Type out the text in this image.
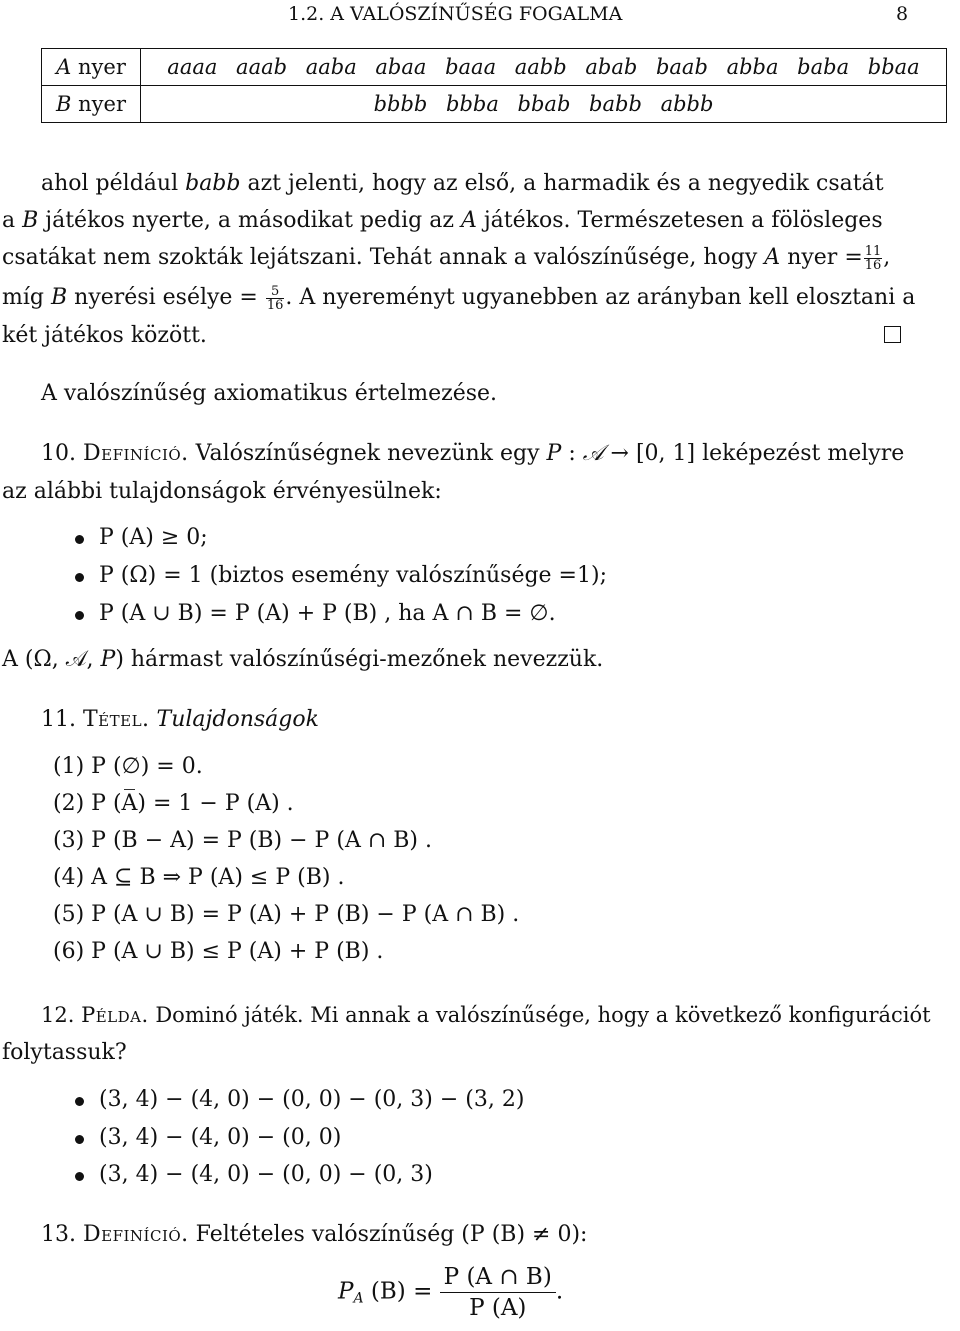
1.2. A VALÓSZÍNŰSÉG FOGALMA	8
A nyer	aaaa aaab aaba abaa baaa aabb abab baab abba baba bbaa
B nyer	bbbb bbba bbab babb abbb
ahol például babb azt jelenti, hogy az első, a harmadik és a negyedik csatát
a B játékos nyerte, a másodikat pedig az A játékos. Természetesen a fölösleges
csatákat nem szokták lejátszani. Tehát annak a valószínűsége, hogy A nyer = $\frac{11}{16}$ ,
míg B nyerési esélye = $\frac{5}{16}$ . A nyereményt ugyanebben az arányban kell elosztani a
két játékos között.
A valószínűség axiomatikus értelmezése.
10. Definíció. Valószínűségnek nevezünk egy P : 𝒜 → [0, 1] leképezést melyre
az alábbi tulajdonságok érvényesülnek:
P (A) ≥ 0;
P (Ω) = 1 (biztos esemény valószínűsége =1);
P (A ∪ B) = P (A) + P (B) , ha A ∩ B = ∅.
A (Ω, 𝒜, P) hármast valószínűségi-mezőnek nevezzük.
11. Tétel. Tulajdonságok
(1) P (∅) = 0.
(2) P (A̅) = 1 − P (A) .
(3) P (B − A) = P (B) − P (A ∩ B) .
(4) A ⊆ B ⇒ P (A) ≤ P (B) .
(5) P (A ∪ B) = P (A) + P (B) − P (A ∩ B) .
(6) P (A ∪ B) ≤ P (A) + P (B) .
12. Példa. Dominó játék. Mi annak a valószínűsége, hogy a következő konfigurációt
folytassuk?
(3, 4) − (4, 0) − (0, 0) − (0, 3) − (3, 2)
(3, 4) − (4, 0) − (0, 0)
(3, 4) − (4, 0) − (0, 0) − (0, 3)
13. Definíció. Feltételes valószínűség (P (B) ≠ 0):
$P_A$ $(B) = \frac{P (A \cap B)}{P (A)}$ .
